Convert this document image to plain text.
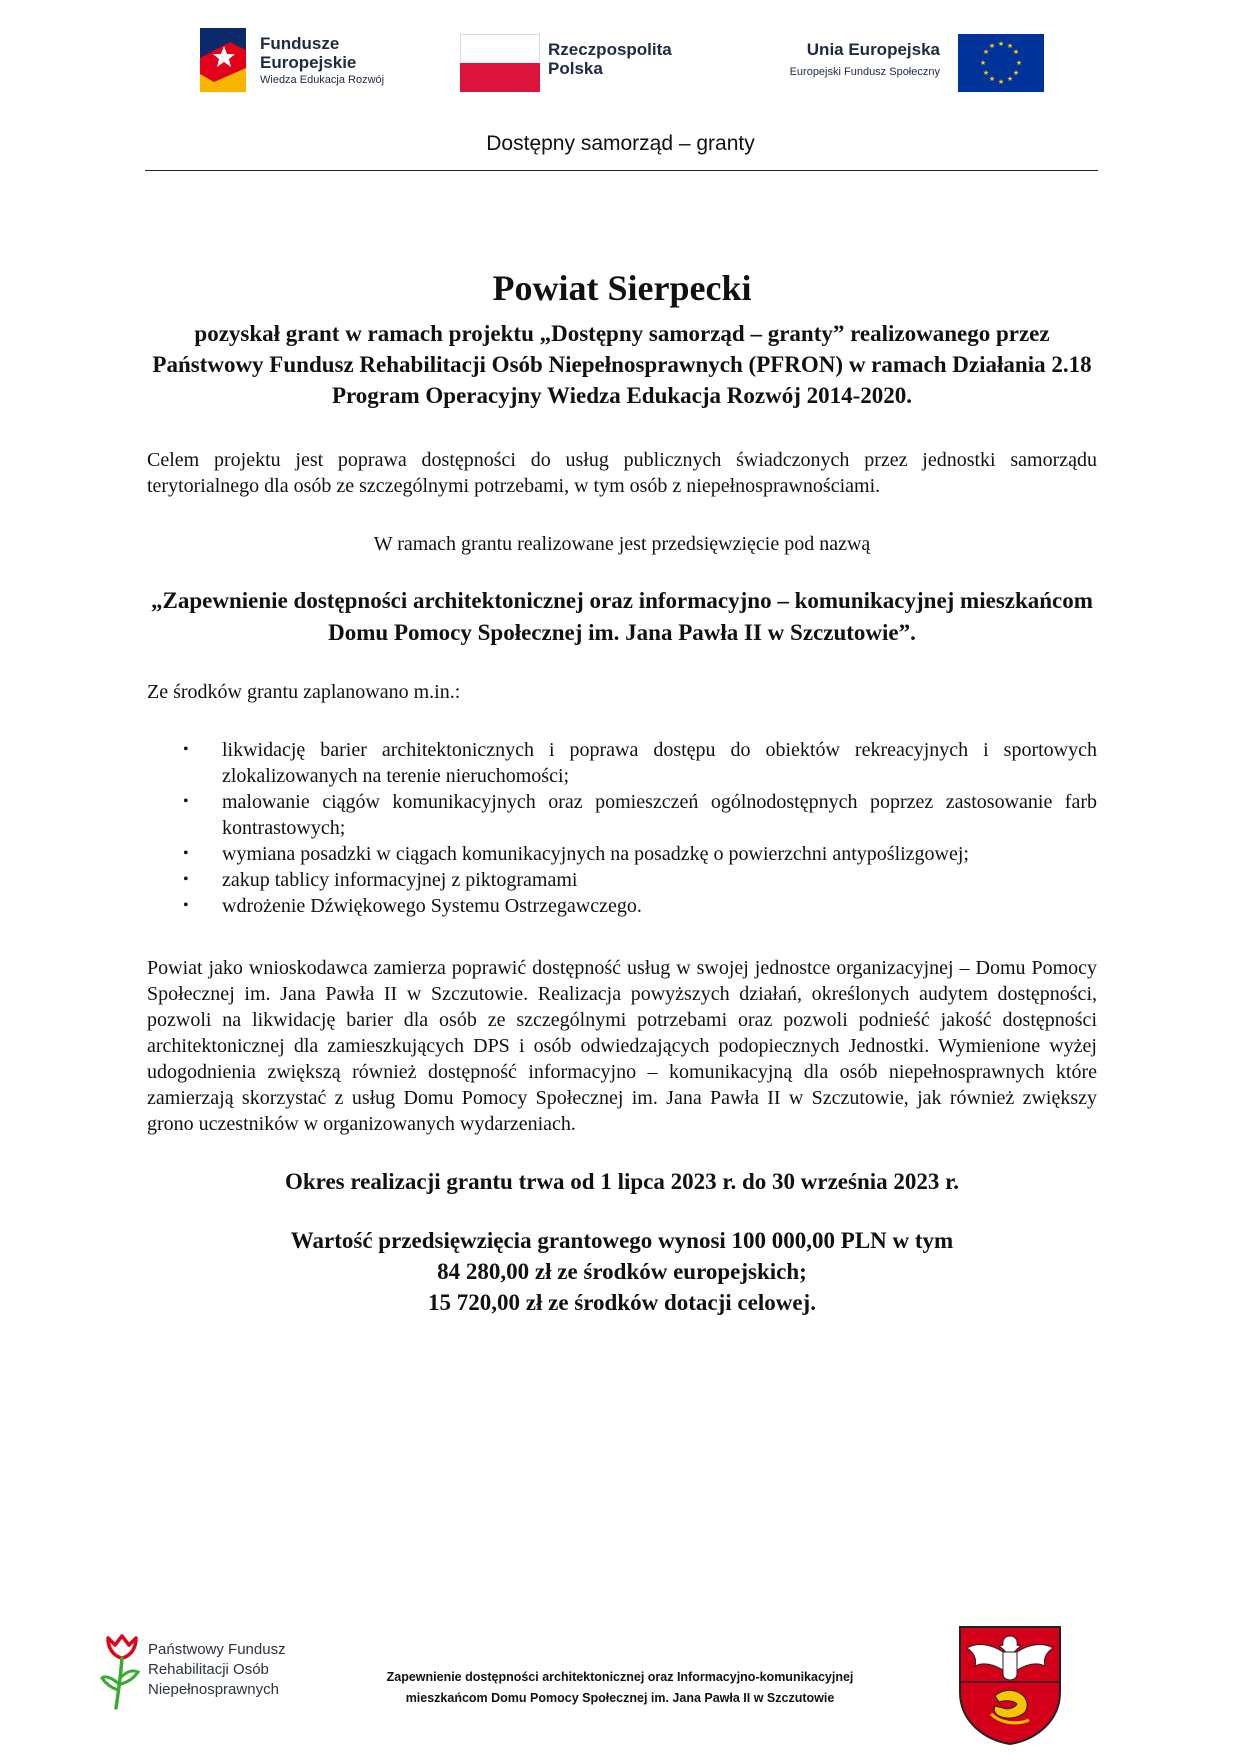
Fundusze Europejskie
Wiedza Edukacja Rozwój
Rzeczpospolita Polska
Unia Europejska
Europejski Fundusz Społeczny
★ ★
★
★
★
★
★
★
★
★
★
★
Dostępny samorząd – granty
Powiat Sierpecki

pozyskał grant w ramach projektu „Dostępny samorząd – granty” realizowanego przez Państwowy Fundusz Rehabilitacji Osób Niepełnosprawnych (PFRON) w ramach Działania 2.18 Program Operacyjny Wiedza Edukacja Rozwój 2014-2020.

Celem projektu jest poprawa dostępności do usług publicznych świadczonych przez jednostki samorządu terytorialnego dla osób ze szczególnymi potrzebami, w tym osób z niepełnosprawnościami.

W ramach grantu realizowane jest przedsięwzięcie pod nazwą

„Zapewnienie dostępności architektonicznej oraz informacyjno – komunikacyjnej mieszkańcom Domu Pomocy Społecznej im. Jana Pawła II w Szczutowie”.

Ze środków grantu zaplanowano m.in.:

• likwidację barier architektonicznych i poprawa dostępu do obiektów rekreacyjnych i sportowych zlokalizowanych na terenie nieruchomości;
• malowanie ciągów komunikacyjnych oraz pomieszczeń ogólnodostępnych poprzez zastosowanie farb kontrastowych;
• wymiana posadzki w ciągach komunikacyjnych na posadzkę o powierzchni antypoślizgowej;
• zakup tablicy informacyjnej z piktogramami
• wdrożenie Dźwiękowego Systemu Ostrzegawczego.

Powiat jako wnioskodawca zamierza poprawić dostępność usług w swojej jednostce organizacyjnej – Domu Pomocy Społecznej im. Jana Pawła II w Szczutowie. Realizacja powyższych działań, określonych audytem dostępności, pozwoli na likwidację barier dla osób ze szczególnymi potrzebami oraz pozwoli podnieść jakość dostępności architektonicznej dla zamieszkujących DPS i osób odwiedzających podopiecznych Jednostki. Wymienione wyżej udogodnienia zwiększą również dostępność informacyjno – komunikacyjną dla osób niepełnosprawnych które zamierzają skorzystać z usług Domu Pomocy Społecznej im. Jana Pawła II w Szczutowie, jak również zwiększy grono uczestników w organizowanych wydarzeniach.

Okres realizacji grantu trwa od 1 lipca 2023 r. do 30 września 2023 r.

Wartość przedsięwzięcia grantowego wynosi 100 000,00 PLN w tym
84 280,00 zł ze środków europejskich;
15 720,00 zł ze środków dotacji celowej.
Państwowy Fundusz
Rehabilitacji Osób
Niepełnosprawnych
Zapewnienie dostępności architektonicznej oraz Informacyjno-komunikacyjnej
mieszkańcom Domu Pomocy Społecznej im. Jana Pawła II w Szczutowie
